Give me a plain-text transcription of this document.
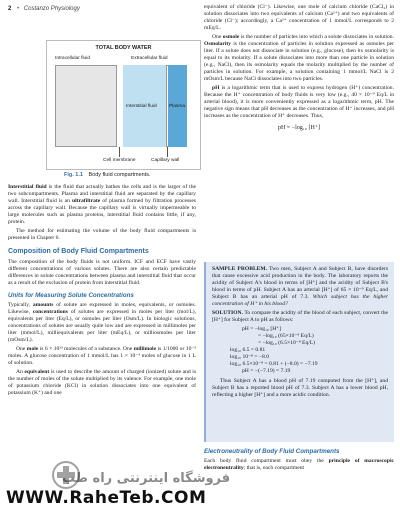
2 • Costanzo Physiology
TOTAL BODY WATER
Intracellular fluid	Extracellular fluid
Interstitial fluid	Plasma
Cell membrane	Capillary wall
Fig. 1.1 Body fluid compartments.

Interstitial fluid is the fluid that actually bathes the cells and is the larger of the two subcompartments. Plasma and interstitial fluid are separated by the capillary wall. Interstitial fluid is an ultrafiltrate of plasma formed by filtration processes across the capillary wall. Because the capillary wall is virtually impermeable to large molecules such as plasma proteins, interstitial fluid contains little, if any, protein.

The method for estimating the volume of the body fluid compartments is presented in Chapter 6.

Composition of Body Fluid Compartments

The composition of the body fluids is not uniform. ICF and ECF have vastly different concentrations of various solutes. There are also certain predictable differences in solute concentrations between plasma and interstitial fluid that occur as a result of the exclusion of protein from interstitial fluid.

Units for Measuring Solute Concentrations

Typically, amounts of solute are expressed in moles, equivalents, or osmoles. Likewise, concentrations of solutes are expressed in moles per liter (mol/L), equivalents per liter (Eq/L), or osmoles per liter (Osm/L). In biologic solutions, concentrations of solutes are usually quite low and are expressed in millimoles per liter (mmol/L), milliequivalents per liter (mEq/L), or milliosmoles per liter (mOsm/L).

One mole is 6 × 10²³ molecules of a substance. One millimole is 1/1000 or 10⁻³ moles. A glucose concentration of 1 mmol/L has 1 × 10⁻³ moles of glucose in 1 L of solution.

An equivalent is used to describe the amount of charged (ionized) solute and is the number of moles of the solute multiplied by its valence. For example, one mole of potassium chloride (KCl) in solution dissociates into one equivalent of potassium (K⁺) and one

equivalent of chloride (Cl⁻). Likewise, one mole of calcium chloride (CaCl₂) in solution dissociates into two equivalents of calcium (Ca²⁺) and two equivalents of chloride (Cl⁻); accordingly, a Ca²⁺ concentration of 1 mmol/L corresponds to 2 mEq/L.

One osmole is the number of particles into which a solute dissociates in solution. Osmolarity is the concentration of particles in solution expressed as osmoles per liter. If a solute does not dissociate in solution (e.g., glucose), then its osmolarity is equal to its molarity. If a solute dissociates into more than one particle in solution (e.g., NaCl), then its osmolarity equals the molarity multiplied by the number of particles in solution. For example, a solution containing 1 mmol/L NaCl is 2 mOsm/L because NaCl dissociates into two particles.

pH is a logarithmic term that is used to express hydrogen (H⁺) concentration. Because the H⁺ concentration of body fluids is very low (e.g., 40 × 10⁻⁹ Eq/L in arterial blood), it is more conveniently expressed as a logarithmic term, pH. The negative sign means that pH decreases as the concentration of H⁺ increases, and pH increases as the concentration of H⁺ decreases. Thus,

pH = −log₁₀ [H⁺]

SAMPLE PROBLEM. Two men, Subject A and Subject B, have disorders that cause excessive acid production in the body. The laboratory reports the acidity of Subject A's blood in terms of [H⁺] and the acidity of Subject B's blood in terms of pH. Subject A has an arterial [H⁺] of 65 × 10⁻⁹ Eq/L, and Subject B has an arterial pH of 7.3. Which subject has the higher concentration of H⁺ in his blood?

SOLUTION. To compare the acidity of the blood of each subject, convert the [H⁺] for Subject A to pH as follows:

pH = −log₁₀ [H⁺]
= −log₁₀ (65×10⁻⁹ Eq/L)
= −log₁₀ (6.5×10⁻⁸ Eq/L)
log₁₀ 6.5 = 0.81
log₁₀ 10⁻⁸ = −8.0
log₁₀ 6.5×10⁻⁸ = 0.81 + (−8.0) = −7.19
pH = −(−7.19) = 7.19

Thus Subject A has a blood pH of 7.19 computed from the [H⁺], and Subject B has a reported blood pH of 7.3. Subject A has a lower blood pH, reflecting a higher [H⁺] and a more acidic condition.

Electroneutrality of Body Fluid Compartments

Each body fluid compartment must obey the principle of macroscopic electroneutrality; that is, each compartment

فروشگاه اینترنتی راه طب
WWW.RaheTeb.COM
